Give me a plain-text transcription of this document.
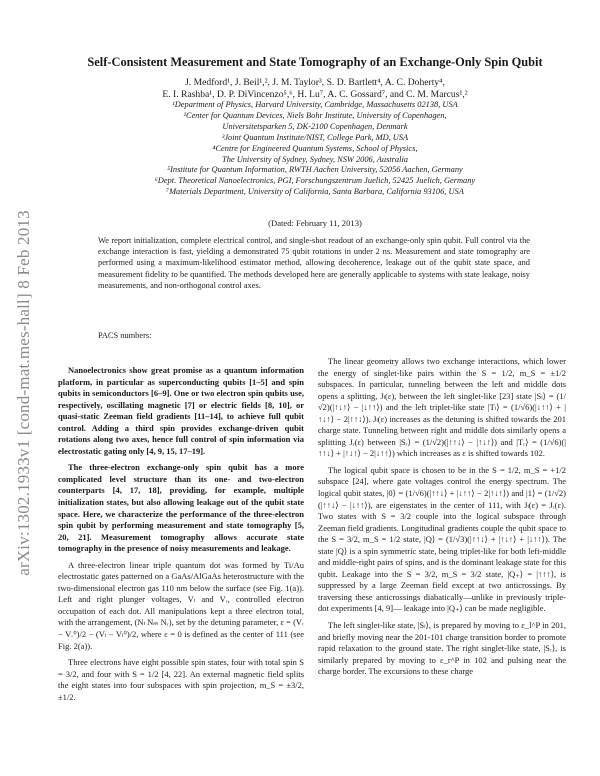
arXiv:1302.1933v1 [cond-mat.mes-hall] 8 Feb 2013
Self-Consistent Measurement and State Tomography of an Exchange-Only Spin Qubit
J. Medford¹, J. Beil¹,², J. M. Taylor³, S. D. Bartlett⁴, A. C. Doherty⁴,
E. I. Rashba¹, D. P. DiVincenzo⁵,⁶, H. Lu⁷, A. C. Gossard⁷, and C. M. Marcus¹,²
¹Department of Physics, Harvard University, Cambridge, Massachusetts 02138, USA
²Center for Quantum Devices, Niels Bohr Institute, University of Copenhagen,
Universitetsparken 5, DK-2100 Copenhagen, Denmark
³Joint Quantum Institute/NIST, College Park, MD, USA
⁴Centre for Engineered Quantum Systems, School of Physics,
The University of Sydney, Sydney, NSW 2006, Australia
⁵Institute for Quantum Information, RWTH Aachen University, 52056 Aachen, Germany
⁶Dept. Theoretical Nanoelectronics, PGI, Forschungszentrum Juelich, 52425 Juelich, Germany
⁷Materials Department, University of California, Santa Barbara, California 93106, USA
(Dated: February 11, 2013)
We report initialization, complete electrical control, and single-shot readout of an exchange-only spin qubit. Full control via the exchange interaction is fast, yielding a demonstrated 75 qubit rotations in under 2 ns. Measurement and state tomography are performed using a maximum-likelihood estimator method, allowing decoherence, leakage out of the qubit state space, and measurement fidelity to be quantified. The methods developed here are generally applicable to systems with state leakage, noisy measurements, and non-orthogonal control axes.
PACS numbers:

Nanoelectronics show great promise as a quantum information platform, in particular as superconducting qubits [1–5] and spin qubits in semiconductors [6–9]. One or two electron spin qubits use, respectively, oscillating magnetic [7] or electric fields [8, 10], or quasi-static Zeeman field gradients [11–14], to achieve full qubit control. Adding a third spin provides exchange-driven qubit rotations along two axes, hence full control of spin information via electrostatic gating only [4, 9, 15, 17–19].

The three-electron exchange-only spin qubit has a more complicated level structure than its one- and two-electron counterparts [4, 17, 18], providing, for example, multiple initialization states, but also allowing leakage out of the qubit state space. Here, we characterize the performance of the three-electron spin qubit by performing measurement and state tomography [5, 20, 21]. Measurement tomography allows accurate state tomography in the presence of noisy measurements and leakage.

A three-electron linear triple quantum dot was formed by Ti/Au electrostatic gates patterned on a GaAs/AlGaAs heterostructure with the two-dimensional electron gas 110 nm below the surface (see Fig. 1(a)). Left and right plunger voltages, Vₗ and Vᵣ, controlled electron occupation of each dot. All manipulations kept a three electron total, with the arrangement, (Nₗ Nₘ Nᵣ), set by the detuning parameter, ε = (Vᵣ − Vᵣ⁰)/2 − (Vₗ − Vₗ⁰)/2, where ε = 0 is defined as the center of 111 (see Fig. 2(a)).

Three electrons have eight possible spin states, four with total spin S = 3/2, and four with S = 1/2 [4, 22]. An external magnetic field splits the eight states into four subspaces with spin projection, m_S = ±3/2, ±1/2.

The linear geometry allows two exchange interactions, which lower the energy of singlet-like pairs within the S = 1/2, m_S = ±1/2 subspaces. In particular, tunneling between the left and middle dots opens a splitting, Jₗ(ε), between the left singlet-like [23] state |Sₗ⟩ = (1/√2)(|↑↓↑⟩ − |↓↑↑⟩) and the left triplet-like state |Tₗ⟩ = (1/√6)(|↓↑↑⟩ + |↑↓↑⟩ − 2|↑↑↓⟩). Jₗ(ε) increases as the detuning is shifted towards the 201 charge state. Tunneling between right and middle dots similarly opens a splitting Jᵣ(ε) between |Sᵣ⟩ = (1/√2)(|↑↑↓⟩ − |↑↓↑⟩) and |Tᵣ⟩ = (1/√6)(|↑↑↓⟩ + |↑↓↑⟩ − 2|↓↑↑⟩) which increases as ε is shifted towards 102.

The logical qubit space is chosen to be in the S = 1/2, m_S = +1/2 subspace [24], where gate voltages control the energy spectrum. The logical qubit states, |0⟩ = (1/√6)(|↑↑↓⟩ + |↓↑↑⟩ − 2|↑↓↑⟩) and |1⟩ = (1/√2)(|↑↑↓⟩ − |↓↑↑⟩), are eigenstates in the center of 111, with Jₗ(ε) = Jᵣ(ε). Two states with S = 3/2 couple into the logical subspace through Zeeman field gradients. Longitudinal gradients couple the qubit space to the S = 3/2, m_S = 1/2 state, |Q⟩ = (1/√3)(|↑↑↓⟩ + |↑↓↑⟩ + |↓↑↑⟩). The state |Q⟩ is a spin symmetric state, being triplet-like for both left-middle and middle-right pairs of spins, and is the dominant leakage state for this qubit. Leakage into the S = 3/2, m_S = 3/2 state, |Q₊⟩ = |↑↑↑⟩, is suppressed by a large Zeeman field except at two anticrossings. By traversing these anticrossings diabatically—unlike in previously triple-dot experiments [4, 9]— leakage into |Q₊⟩ can be made negligible.

The left singlet-like state, |Sₗ⟩, is prepared by moving to ε_l^P in 201, and briefly moving near the 201-101 charge transition border to promote rapid relaxation to the ground state. The right singlet-like state, |Sᵣ⟩, is similarly prepared by moving to ε_r^P in 102 and pulsing near the charge border. The excursions to these charge
